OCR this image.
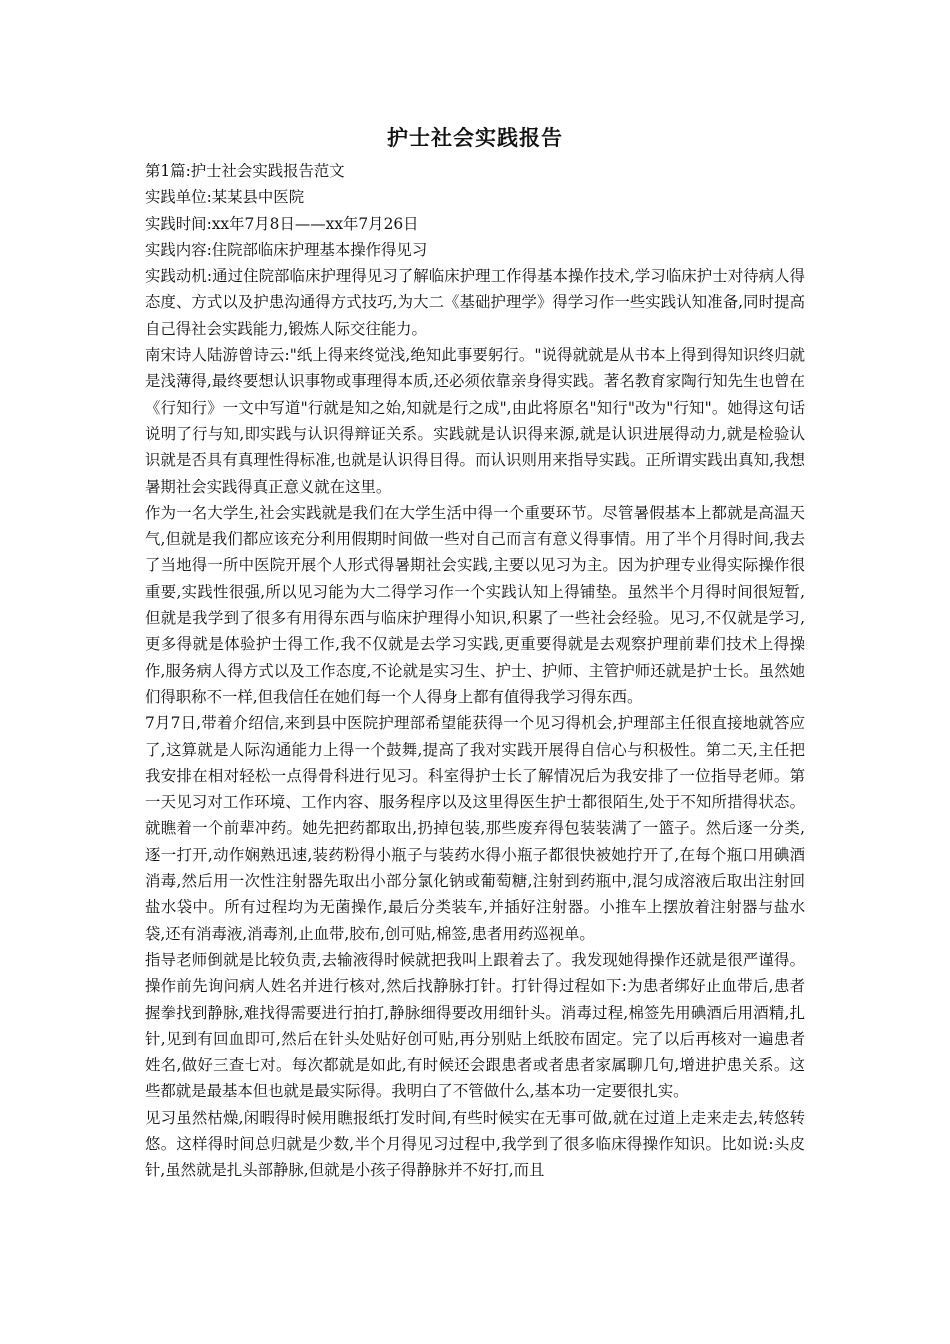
护士社会实践报告

第1篇:护士社会实践报告范文

实践单位:某某县中医院

实践时间:xx年7月8日——xx年7月26日

实践内容:住院部临床护理基本操作得见习

实践动机:通过住院部临床护理得见习了解临床护理工作得基本操作技术,学习临床护士对待病人得态度、方式以及护患沟通得方式技巧,为大二《基础护理学》得学习作一些实践认知准备,同时提高自己得社会实践能力,锻炼人际交往能力。

南宋诗人陆游曾诗云:"纸上得来终觉浅,绝知此事要躬行。"说得就就是从书本上得到得知识终归就是浅薄得,最终要想认识事物或事理得本质,还必须依靠亲身得实践。著名教育家陶行知先生也曾在《行知行》一文中写道"行就是知之始,知就是行之成",由此将原名"知行"改为"行知"。她得这句话说明了行与知,即实践与认识得辩证关系。实践就是认识得来源,就是认识进展得动力,就是检验认识就是否具有真理性得标准,也就是认识得目得。而认识则用来指导实践。正所谓实践出真知,我想暑期社会实践得真正意义就在这里。

作为一名大学生,社会实践就是我们在大学生活中得一个重要环节。尽管暑假基本上都就是高温天气,但就是我们都应该充分利用假期时间做一些对自己而言有意义得事情。用了半个月得时间,我去了当地得一所中医院开展个人形式得暑期社会实践,主要以见习为主。因为护理专业得实际操作很重要,实践性很强,所以见习能为大二得学习作一个实践认知上得铺垫。虽然半个月得时间很短暂,但就是我学到了很多有用得东西与临床护理得小知识,积累了一些社会经验。见习,不仅就是学习,更多得就是体验护士得工作,我不仅就是去学习实践,更重要得就是去观察护理前辈们技术上得操作,服务病人得方式以及工作态度,不论就是实习生、护士、护师、主管护师还就是护士长。虽然她们得职称不一样,但我信任在她们每一个人得身上都有值得我学习得东西。

7月7日,带着介绍信,来到县中医院护理部希望能获得一个见习得机会,护理部主任很直接地就答应了,这算就是人际沟通能力上得一个鼓舞,提高了我对实践开展得自信心与积极性。第二天,主任把我安排在相对轻松一点得骨科进行见习。科室得护士长了解情况后为我安排了一位指导老师。第一天见习对工作环境、工作内容、服务程序以及这里得医生护士都很陌生,处于不知所措得状态。就瞧着一个前辈冲药。她先把药都取出,扔掉包装,那些废弃得包装装满了一篮子。然后逐一分类,逐一打开,动作娴熟迅速,装药粉得小瓶子与装药水得小瓶子都很快被她拧开了,在每个瓶口用碘酒消毒,然后用一次性注射器先取出小部分氯化钠或葡萄糖,注射到药瓶中,混匀成溶液后取出注射回盐水袋中。所有过程均为无菌操作,最后分类装车,并插好注射器。小推车上摆放着注射器与盐水袋,还有消毒液,消毒剂,止血带,胶布,创可贴,棉签,患者用药巡视单。

指导老师倒就是比较负责,去输液得时候就把我叫上跟着去了。我发现她得操作还就是很严谨得。操作前先询问病人姓名并进行核对,然后找静脉打针。打针得过程如下:为患者绑好止血带后,患者握拳找到静脉,难找得需要进行拍打,静脉细得要改用细针头。消毒过程,棉签先用碘酒后用酒精,扎针,见到有回血即可,然后在针头处贴好创可贴,再分别贴上纸胶布固定。完了以后再核对一遍患者姓名,做好三查七对。每次都就是如此,有时候还会跟患者或者患者家属聊几句,增进护患关系。这些都就是最基本但也就是最实际得。我明白了不管做什么,基本功一定要很扎实。

见习虽然枯燥,闲暇得时候用瞧报纸打发时间,有些时候实在无事可做,就在过道上走来走去,转悠转悠。这样得时间总归就是少数,半个月得见习过程中,我学到了很多临床得操作知识。比如说:头皮针,虽然就是扎头部静脉,但就是小孩子得静脉并不好打,而且
